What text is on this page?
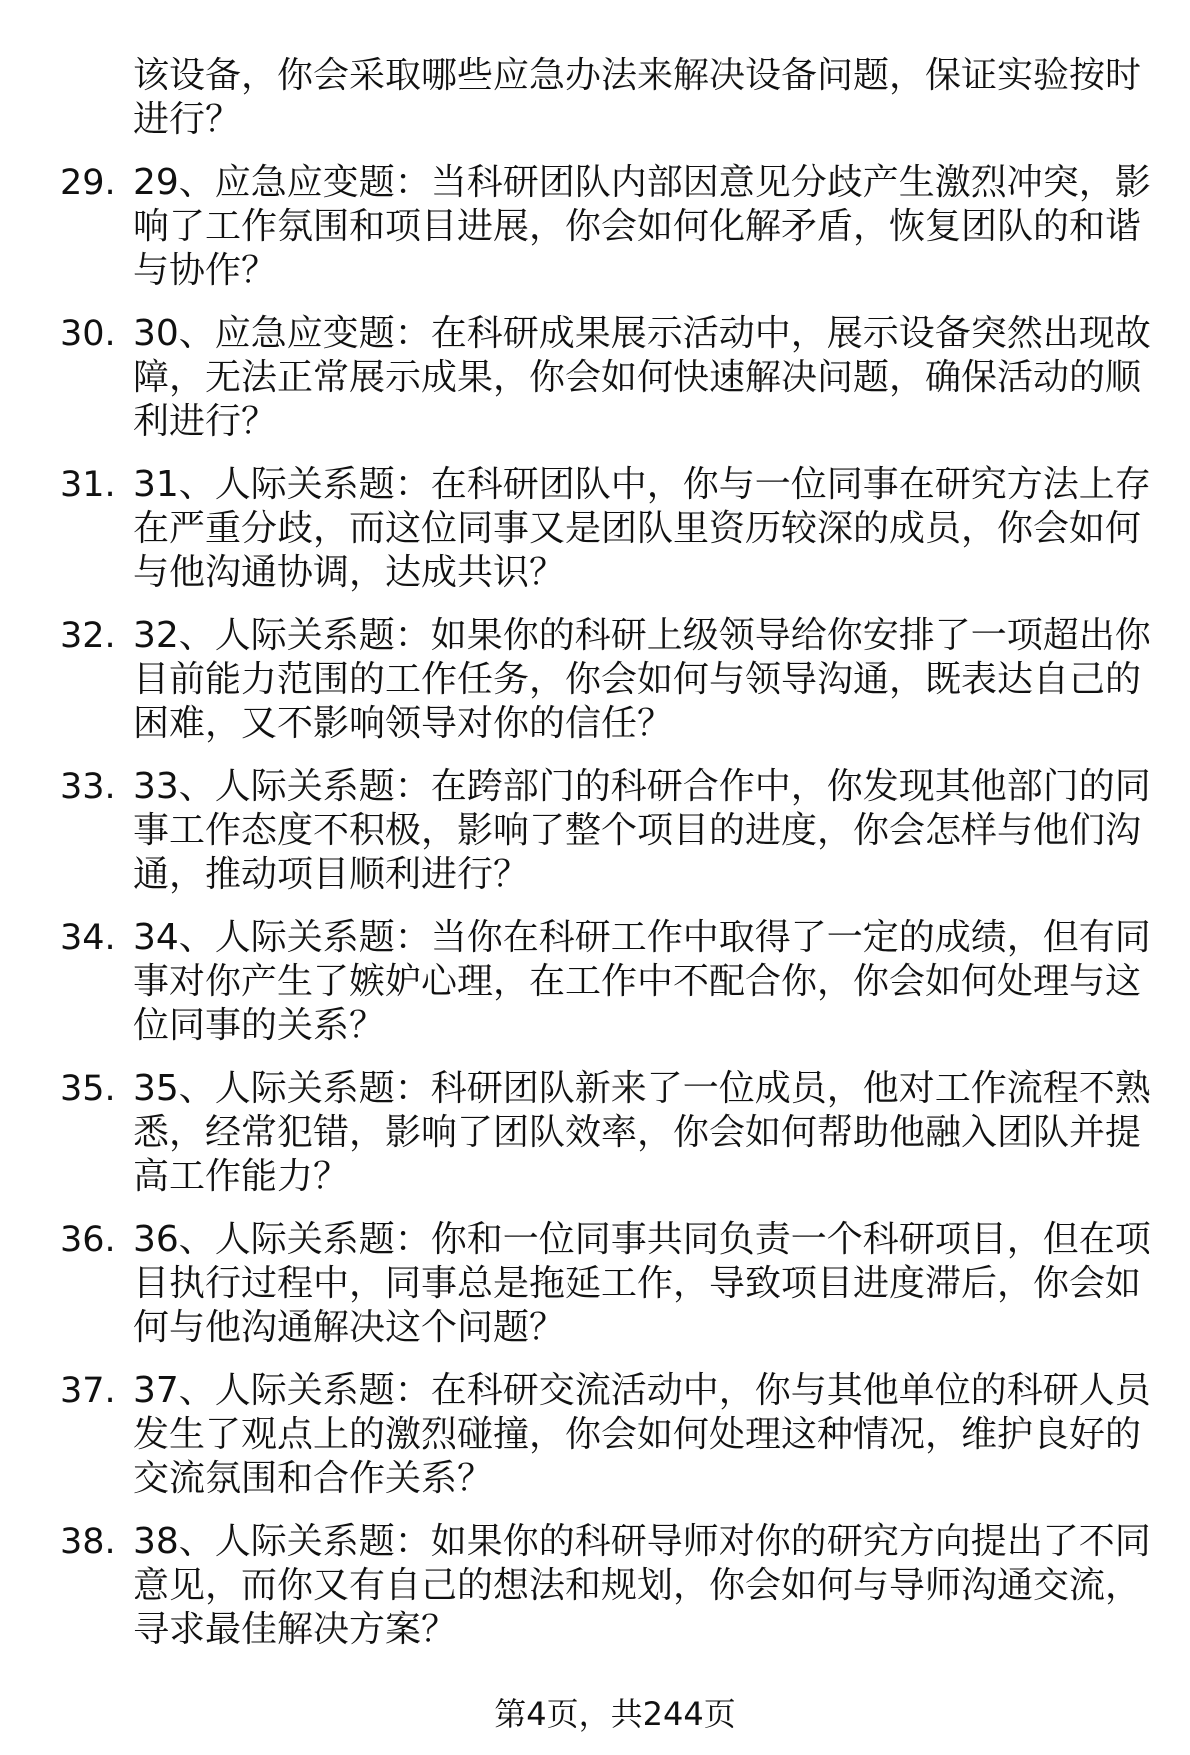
该设备，你会采取哪些应急办法来解决设备问题，保证实验按时
进行？
29. 29、应急应变题：当科研团队内部因意见分歧产生激烈冲突，影
响了工作氛围和项目进展，你会如何化解矛盾，恢复团队的和谐
与协作？
30. 30、应急应变题：在科研成果展示活动中，展示设备突然出现故
障，无法正常展示成果，你会如何快速解决问题，确保活动的顺
利进行？
31. 31、人际关系题：在科研团队中，你与一位同事在研究方法上存
在严重分歧，而这位同事又是团队里资历较深的成员，你会如何
与他沟通协调，达成共识？
32. 32、人际关系题：如果你的科研上级领导给你安排了一项超出你
目前能力范围的工作任务，你会如何与领导沟通，既表达自己的
困难，又不影响领导对你的信任？
33. 33、人际关系题：在跨部门的科研合作中，你发现其他部门的同
事工作态度不积极，影响了整个项目的进度，你会怎样与他们沟
通，推动项目顺利进行？
34. 34、人际关系题：当你在科研工作中取得了一定的成绩，但有同
事对你产生了嫉妒心理，在工作中不配合你，你会如何处理与这
位同事的关系？
35. 35、人际关系题：科研团队新来了一位成员，他对工作流程不熟
悉，经常犯错，影响了团队效率，你会如何帮助他融入团队并提
高工作能力？
36. 36、人际关系题：你和一位同事共同负责一个科研项目，但在项
目执行过程中，同事总是拖延工作，导致项目进度滞后，你会如
何与他沟通解决这个问题？
37. 37、人际关系题：在科研交流活动中，你与其他单位的科研人员
发生了观点上的激烈碰撞，你会如何处理这种情况，维护良好的
交流氛围和合作关系？
38. 38、人际关系题：如果你的科研导师对你的研究方向提出了不同
意见，而你又有自己的想法和规划，你会如何与导师沟通交流，
寻求最佳解决方案？
第4页，共244页
